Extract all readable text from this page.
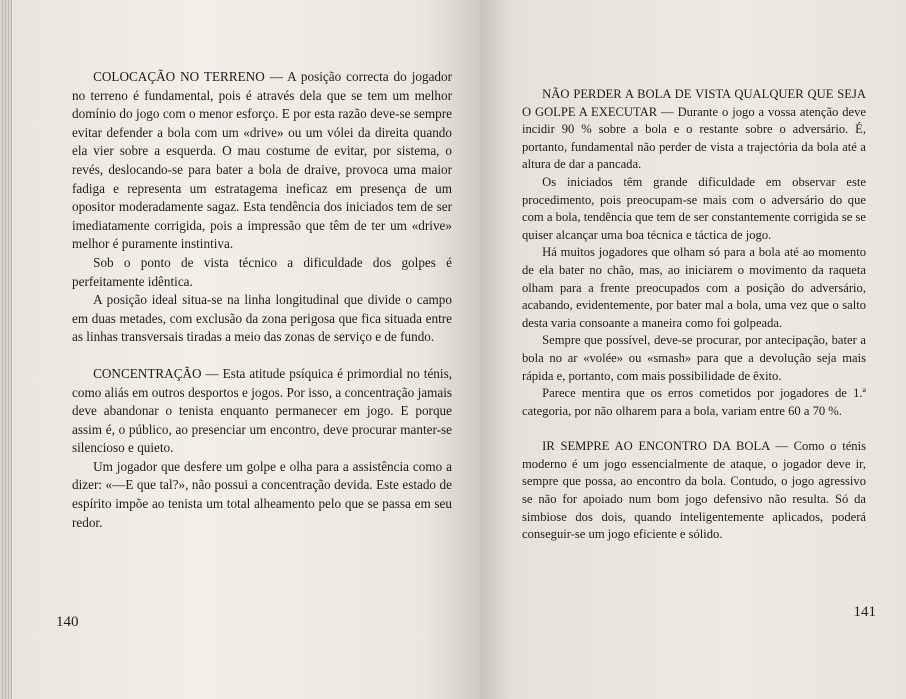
COLOCAÇÃO NO TERRENO — A posição correcta do jogador no terreno é fundamental, pois é através dela que se tem um melhor domínio do jogo com o menor esforço. E por esta razão deve-se sempre evitar defender a bola com um «drive» ou um vólei da direita quando ela vier sobre a esquerda. O mau costume de evitar, por sistema, o revés, deslocando-se para bater a bola de draive, provoca uma maior fadiga e representa um estratagema ineficaz em presença de um opositor moderadamente sagaz. Esta tendência dos iniciados tem de ser imediatamente corrigida, pois a impressão que têm de ter um «drive» melhor é puramente instintiva.

Sob o ponto de vista técnico a dificuldade dos golpes é perfeitamente idêntica.

A posição ideal situa-se na linha longitudinal que divide o campo em duas metades, com exclusão da zona perigosa que fica situada entre as linhas transversais tiradas a meio das zonas de serviço e de fundo.

CONCENTRAÇÃO — Esta atitude psíquica é primordial no ténis, como aliás em outros desportos e jogos. Por isso, a concentração jamais deve abandonar o tenista enquanto permanecer em jogo. E porque assim é, o público, ao presenciar um encontro, deve procurar manter-se silencioso e quieto.

Um jogador que desfere um golpe e olha para a assistência como a dizer: «—E que tal?», não possui a concentração devida. Este estado de espírito impõe ao tenista um total alheamento pelo que se passa em seu redor.

140

NÃO PERDER A BOLA DE VISTA QUALQUER QUE SEJA O GOLPE A EXECUTAR — Durante o jogo a vossa atenção deve incidir 90 % sobre a bola e o restante sobre o adversário. É, portanto, fundamental não perder de vista a trajectória da bola até a altura de dar a pancada.

Os iniciados têm grande dificuldade em observar este procedimento, pois preocupam-se mais com o adversário do que com a bola, tendência que tem de ser constantemente corrigida se se quiser alcançar uma boa técnica e táctica de jogo.

Há muitos jogadores que olham só para a bola até ao momento de ela bater no chão, mas, ao iniciarem o movimento da raqueta olham para a frente preocupados com a posição do adversário, acabando, evidentemente, por bater mal a bola, uma vez que o salto desta varia consoante a maneira como foi golpeada.

Sempre que possível, deve-se procurar, por antecipação, bater a bola no ar «volée» ou «smash» para que a devolução seja mais rápida e, portanto, com mais possibilidade de êxito.

Parece mentira que os erros cometidos por jogadores de 1.ª categoria, por não olharem para a bola, variam entre 60 a 70 %.

IR SEMPRE AO ENCONTRO DA BOLA — Como o ténis moderno é um jogo essencialmente de ataque, o jogador deve ir, sempre que possa, ao encontro da bola. Contudo, o jogo agressivo se não for apoiado num bom jogo defensivo não resulta. Só da simbiose dos dois, quando inteligentemente aplicados, poderá conseguir-se um jogo eficiente e sólido.

141
